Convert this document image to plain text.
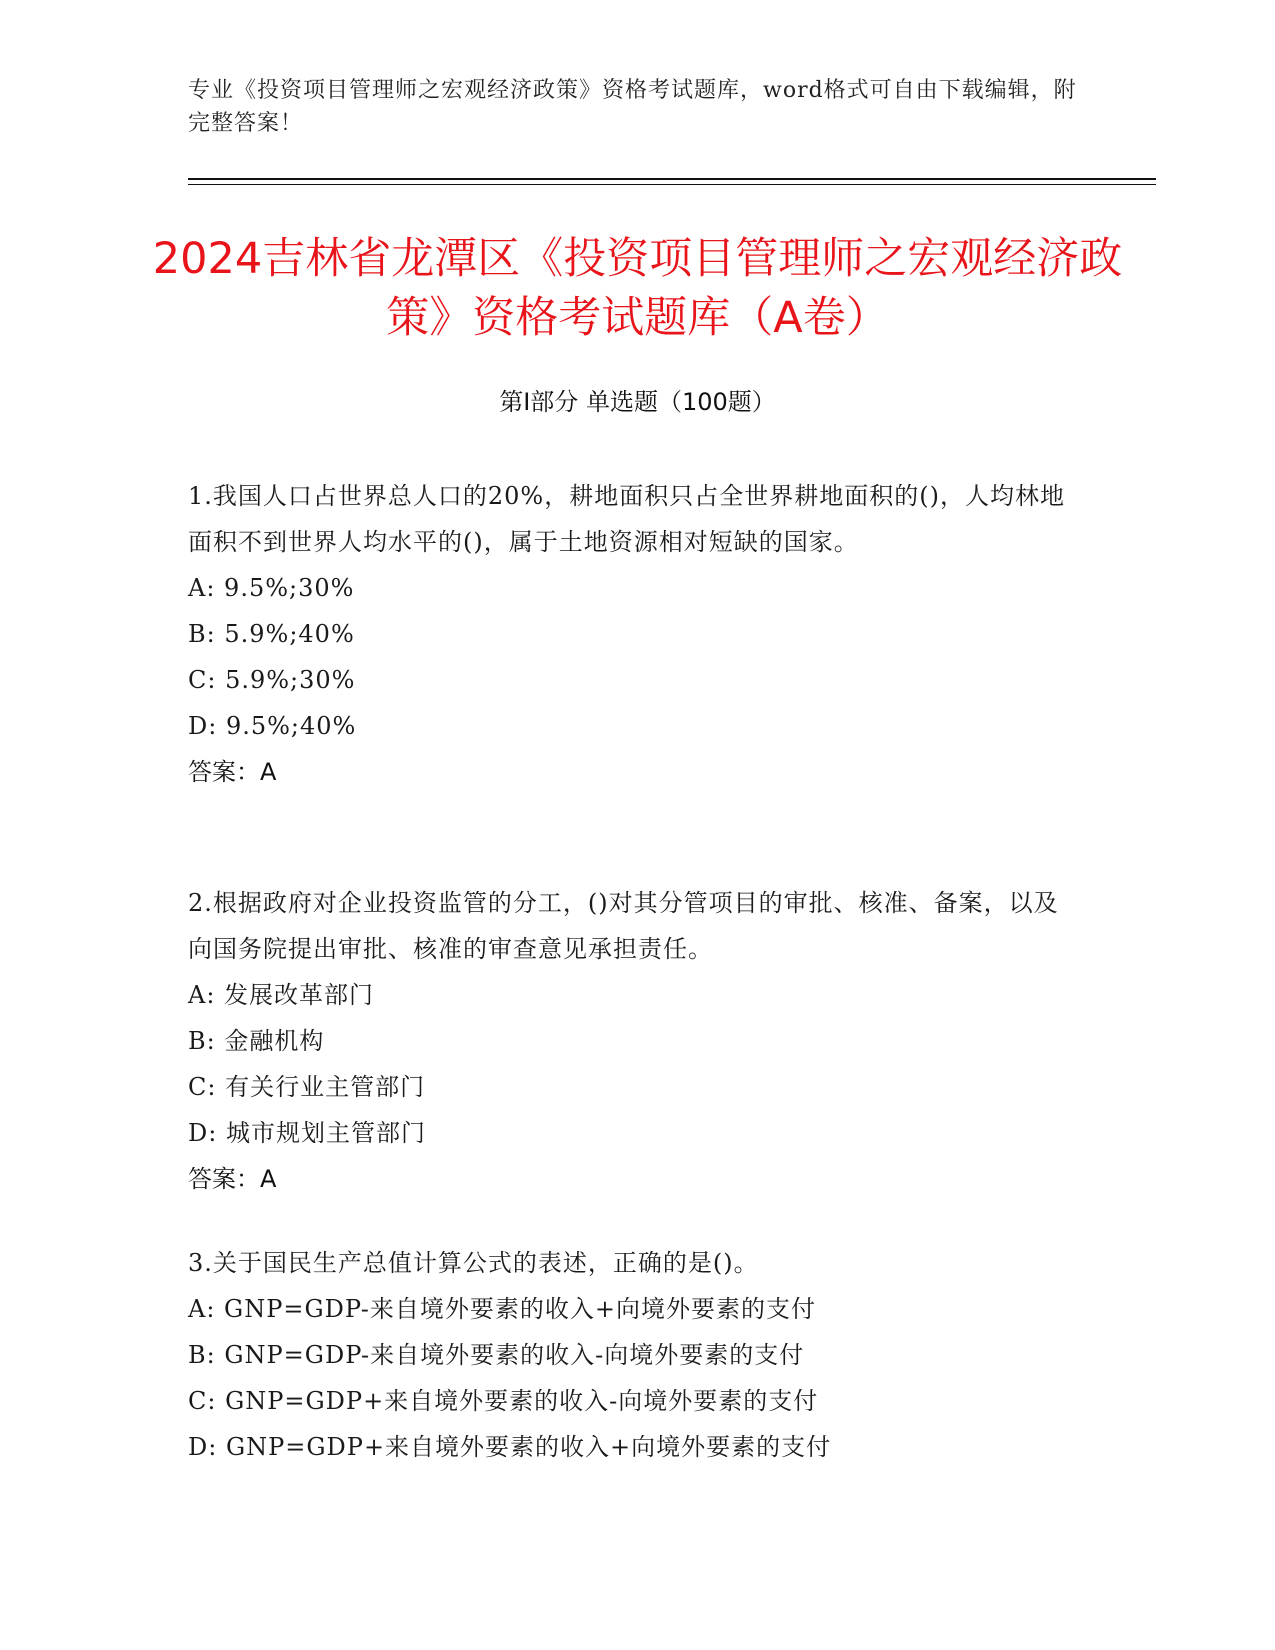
专业《投资项目管理师之宏观经济政策》资格考试题库，word格式可自由下载编辑，附完整答案！
2024吉林省龙潭区《投资项目管理师之宏观经济政策》资格考试题库（A卷）
第I部分 单选题（100题）

1.我国人口占世界总人口的20%，耕地面积只占全世界耕地面积的()，人均林地面积不到世界人均水平的()，属于土地资源相对短缺的国家。

A: 9.5%;30%

B: 5.9%;40%

C: 5.9%;30%

D: 9.5%;40%

答案：A

2.根据政府对企业投资监管的分工，()对其分管项目的审批、核准、备案，以及向国务院提出审批、核准的审查意见承担责任。

A: 发展改革部门

B: 金融机构

C: 有关行业主管部门

D: 城市规划主管部门

答案：A

3.关于国民生产总值计算公式的表述，正确的是()。

A: GNP=GDP-来自境外要素的收入+向境外要素的支付

B: GNP=GDP-来自境外要素的收入-向境外要素的支付

C: GNP=GDP+来自境外要素的收入-向境外要素的支付

D: GNP=GDP+来自境外要素的收入+向境外要素的支付
